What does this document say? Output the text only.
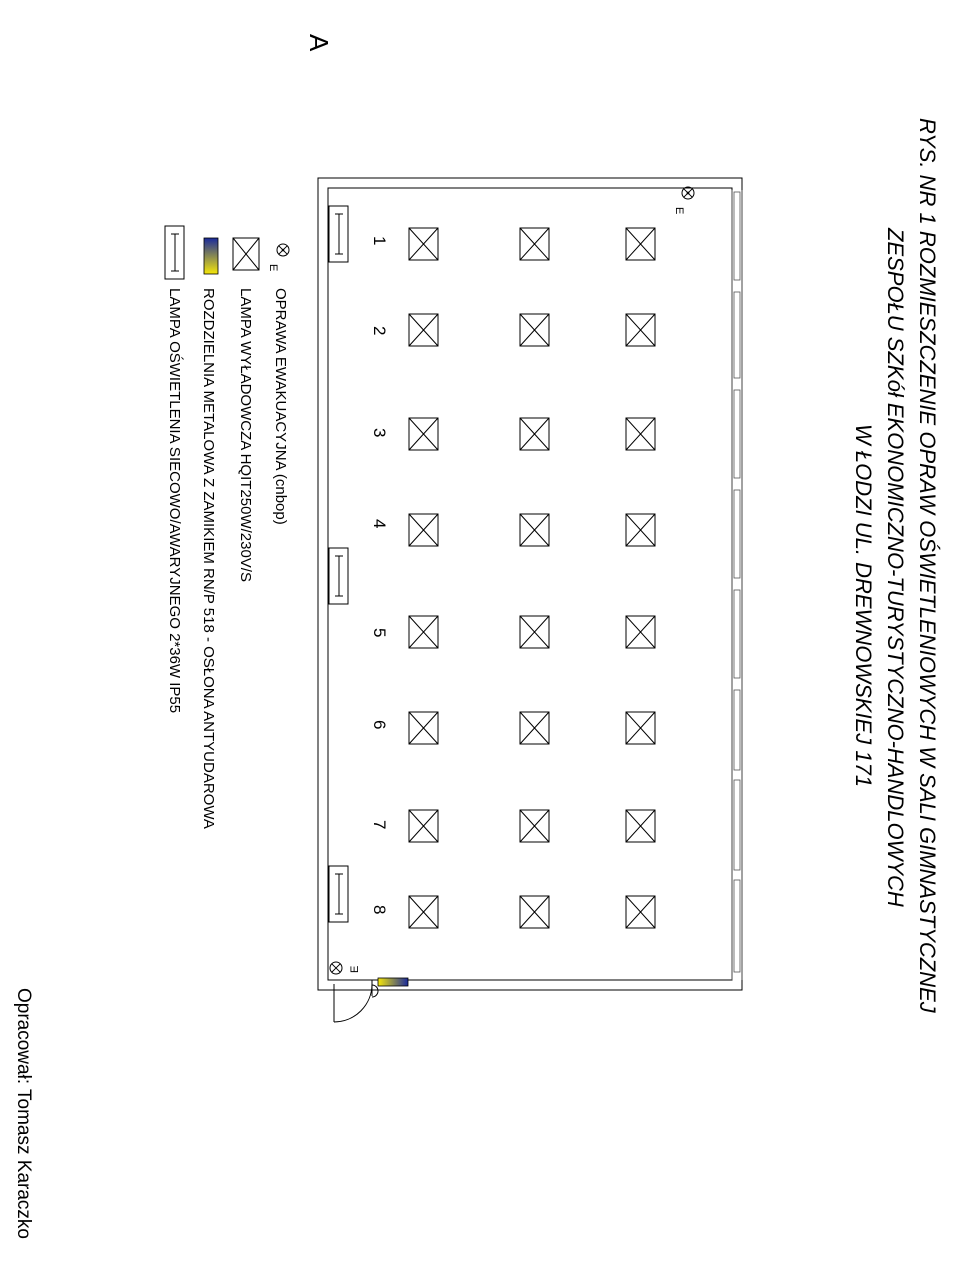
RYS. NR 1 ROZMIESZCZENIE OPRAW OŚWIETLENIOWYCH W SALI GIMNASTYCZNEJ
ZESPOŁU SZKół EKONOMICZNO-TURYSTYCZNO-HANDLOWYCH
W ŁODZI UL. DREWNOWSKIEJ 171
A
Opracował: Tomasz Karaczko
E
E
1
2
3
4
5
6
7
8
E
OPRAWA EWAKUACYJNA (cnbop)
LAMPA WYŁADOWCZA HQIT250W/230V/S
ROZDZIELNIA METALOWA Z ZAMIKIEM RN/P 518 - OSŁONA ANTYUDAROWA
LAMPA OŚWIETLENIA SIECOWO/AWARYJNEGO 2*36W IP55
